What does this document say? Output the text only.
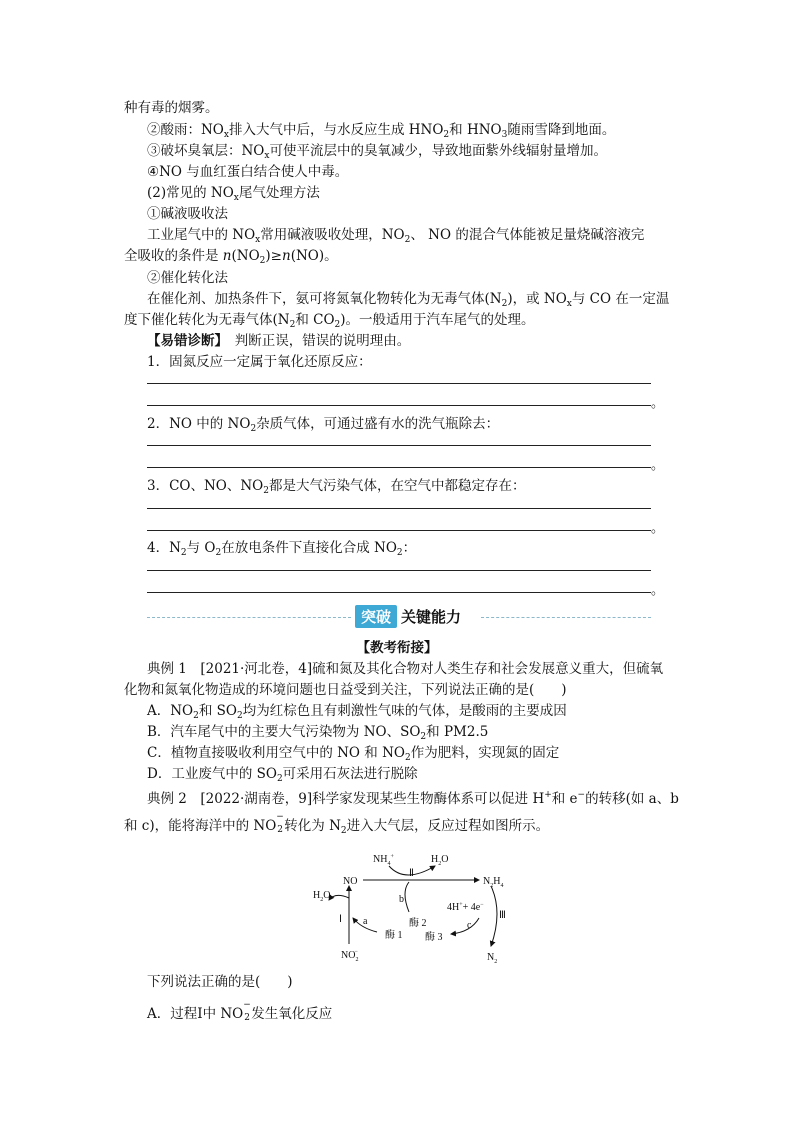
种有毒的烟雾。
②酸雨：$NO_x$排入大气中后，与水反应生成 $HNO_2$和 $HNO_3$随雨雪降到地面。
③破坏臭氧层：$NO_x$可使平流层中的臭氧减少，导致地面紫外线辐射量增加。
④NO 与血红蛋白结合使人中毒。
(2)常见的 $NO_x$尾气处理方法
①碱液吸收法
工业尾气中的 $NO_x$常用碱液吸收处理，$NO_2$、 NO 的混合气体能被足量烧碱溶液完
全吸收的条件是 $n(NO_2)\ge n(NO)$。
②催化转化法
在催化剂、加热条件下，氨可将氮氧化物转化为无毒气体$(N_2)$，或 $NO_x$与 CO 在一定温
度下催化转化为无毒气体($N_2$和 $CO_2$)。一般适用于汽车尾气的处理。
【易错诊断】　 判断正误，错误的说明理由。
1．固氮反应一定属于氧化还原反应：
。
2．NO 中的 $NO_2$杂质气体，可通过盛有水的洗气瓶除去：
。
3．CO、NO、$NO_2$都是大气污染气体，在空气中都稳定存在：
。
4．$N_2$与 $O_2$在放电条件下直接化合成 $NO_2$：
。
突破 关键能力
【教考衔接】
典例 1　[2021·河北卷，4]硫和氮及其化合物对人类生存和社会发展意义重大，但硫氧
化物和氮氧化物造成的环境问题也日益受到关注，下列说法正确的是(　　)
A．$NO_2$和 $SO_2$均为红棕色且有刺激性气味的气体，是酸雨的主要成因
B．汽车尾气中的主要大气污染物为 NO、$SO_2$和 PM2.5
C．植物直接吸收利用空气中的 NO 和 $NO_2$作为肥料，实现氮的固定
D．工业废气中的 $SO_2$可采用石灰法进行脱除
典例 2　[2022·湖南卷，9]科学家发现某些生物酶体系可以促进 H+和 e−的转移(如 a、b
和 c)，能将海洋中的 NO
−
2 转化为 $N_2$进入大气层，反应过程如图所示。
$NH_4^+$	$H_2O$
NO	$N_2H_4$
$H_2O$
Ⅱ
b
Ⅰ a
酶 1
酶 2
酶 3
4H++ 4e−
c
Ⅲ
$NO_2-$	$N_2$
下列说法正确的是(　　)
A．过程Ⅰ中 NO
−
2 发生氧化反应
